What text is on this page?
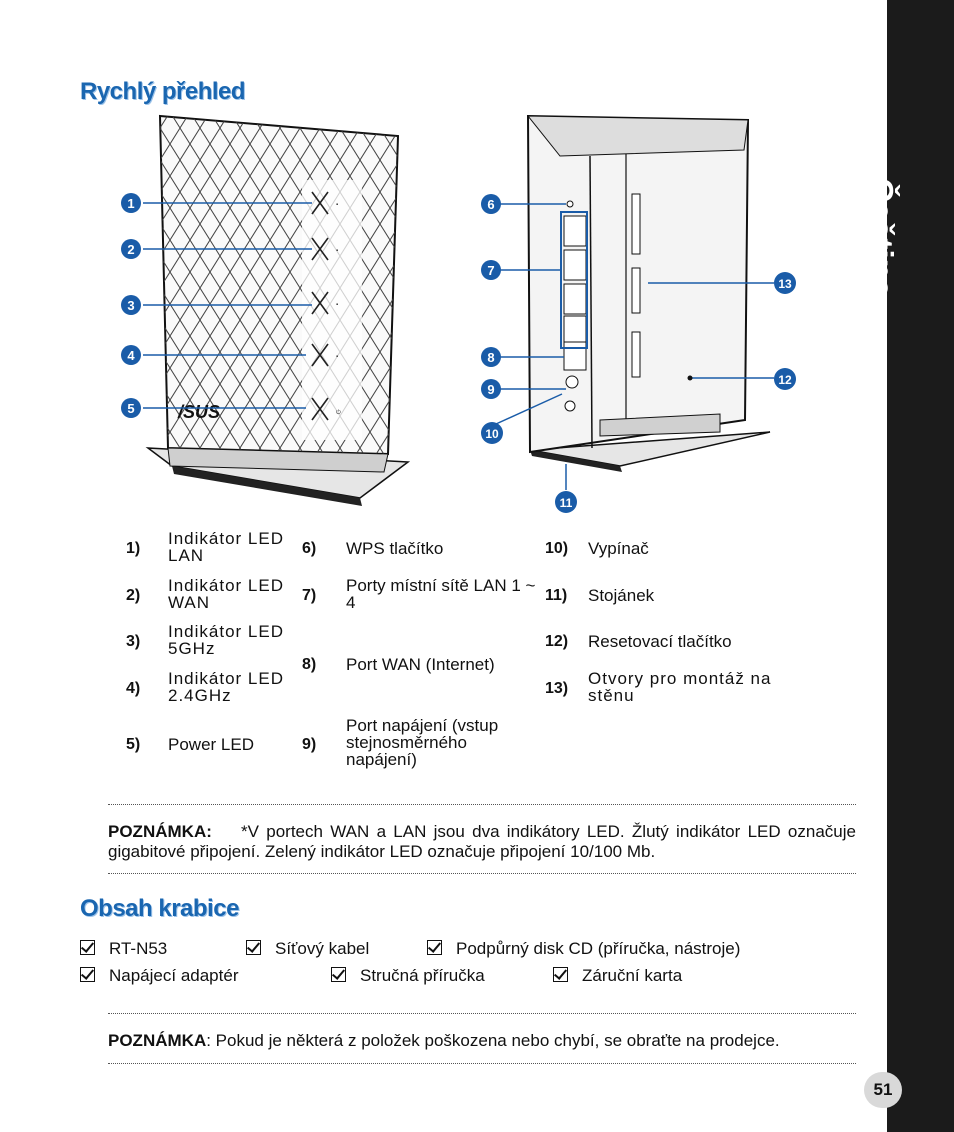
Čeština
51
Rychlý přehled
▪
▪
▪
▪
⏻
/SUS
1
2
3
4
5
6
7
8
9
10
11
12
13
1)
Indikátor LED LAN
2)
Indikátor LED WAN
3)
Indikátor LED 5GHz
4)
Indikátor LED 2.4GHz
5) Power LED
6) WPS tlačítko
7)
Porty místní sítě LAN 1 ~ 4
8) Port WAN (Internet)
9)
Port napájení (vstup stejnosměrného napájení)
10) Vypínač
11) Stojánek
12) Resetovací tlačítko
13)
Otvory pro montáž na stěnu
POZNÁMKA: *V portech WAN a LAN jsou dva indikátory LED. Žlutý indikátor LED označuje gigabitové připojení. Zelený indikátor LED označuje připojení 10/100 Mb.
Obsah krabice
RT-N53	Síťový kabel	Podpůrný disk CD (příručka, nástroje)
Napájecí adaptér	Stručná příručka	Záruční karta
POZNÁMKA: Pokud je některá z položek poškozena nebo chybí, se obraťte na prodejce.
